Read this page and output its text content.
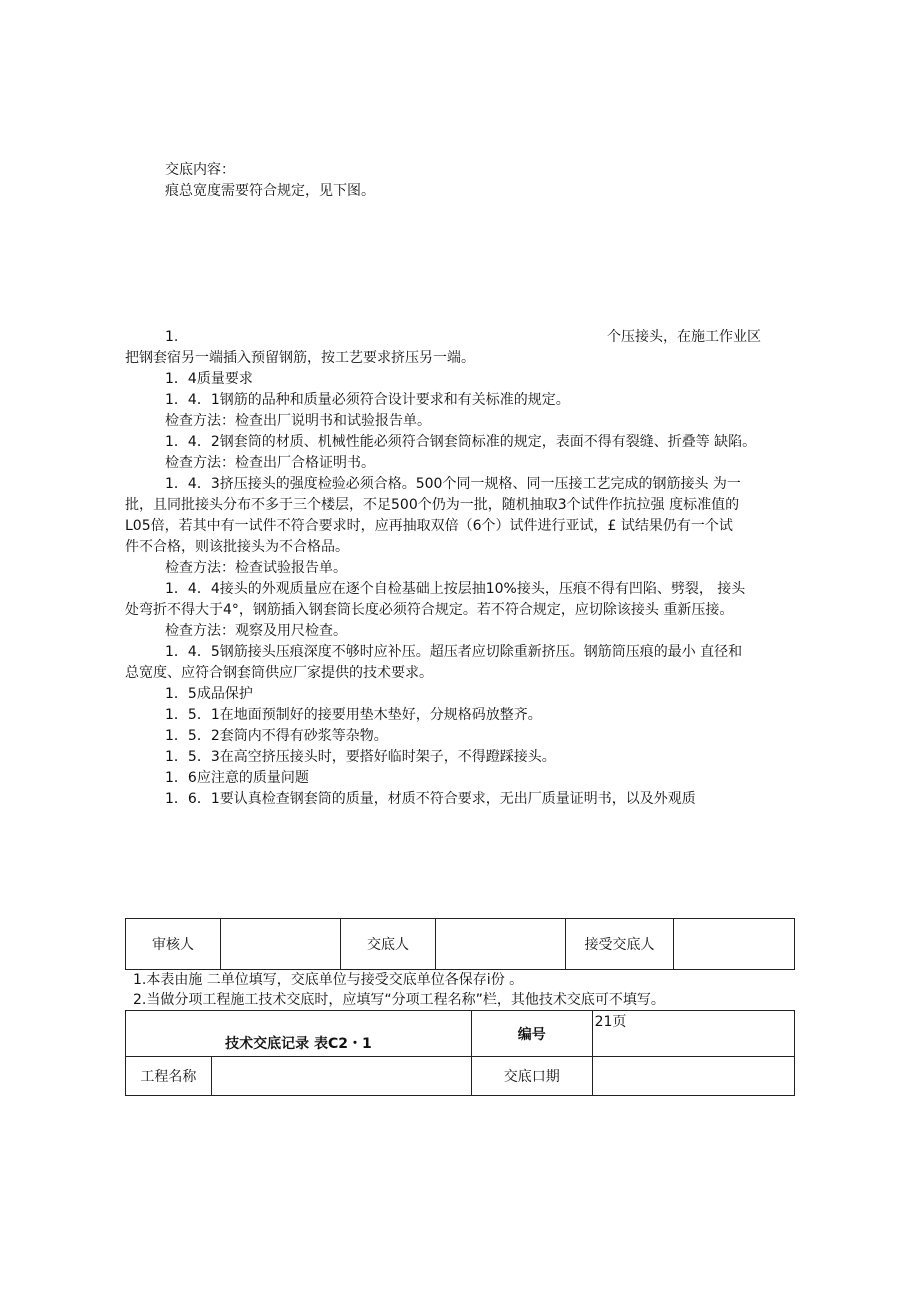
交底内容：
痕总宽度需要符合规定，见下图。
1.	个压接头，在施工作业区
把钢套宿另一端插入预留钢筋，按工艺要求挤压另一端。
1．4质量要求
1．4．1钢筋的品种和质量必须符合设计要求和有关标准的规定。
检查方法：检查出厂说明书和试验报告单。
1．4．2钢套筒的材质、机械性能必须符合钢套筒标准的规定，表面不得有裂缝、折叠等 缺陷。
检查方法：检查出厂合格证明书。
1．4．3挤压接头的强度检验必须合格。500个同一规格、同一压接工艺完成的钢筋接头 为一
批，且同批接头分布不多于三个楼层，不足500个仍为一批，随机抽取3个试件作抗拉强 度标准值的
L05倍，若其中有一试件不符合要求时，应再抽取双倍（6个）试件进行亚试，£ 试结果仍有一个试
件不合格，则该批接头为不合格品。
检查方法：检查试验报告单。
1．4．4接头的外观质量应在逐个自检基础上按层抽10%接头，压痕不得有凹陷、劈裂， 接头
处弯折不得大于4°，钢筋插入钢套筒长度必须符合规定。若不符合规定，应切除该接头 重新压接。
检查方法：观察及用尺检查。
1．4．5钢筋接头压痕深度不够时应补压。超压者应切除重新挤压。钢筋筒压痕的最小 直径和
总宽度、应符合钢套筒供应厂家提供的技术要求。
1．5成品保护
1．5．1在地面预制好的接要用垫木垫好，分规格码放整齐。
1．5．2套筒内不得有砂浆等杂物。
1．5．3在高空挤压接头时，要搭好临时架子，不得蹬踩接头。
1．6应注意的质量问题
1．6．1要认真检查钢套筒的质量，材质不符合要求，无出厂质量证明书，以及外观质
审核人		交底人		接受交底人	
1.本表由施 二单位填写，交底单位与接受交底单位各保存i份 。
2.当做分项工程施工技术交底时，应填写“分项工程名称”栏，其他技术交底可不填写。
技术交底记录 表C2・1		编号	21页
工程名称		交底口期	
